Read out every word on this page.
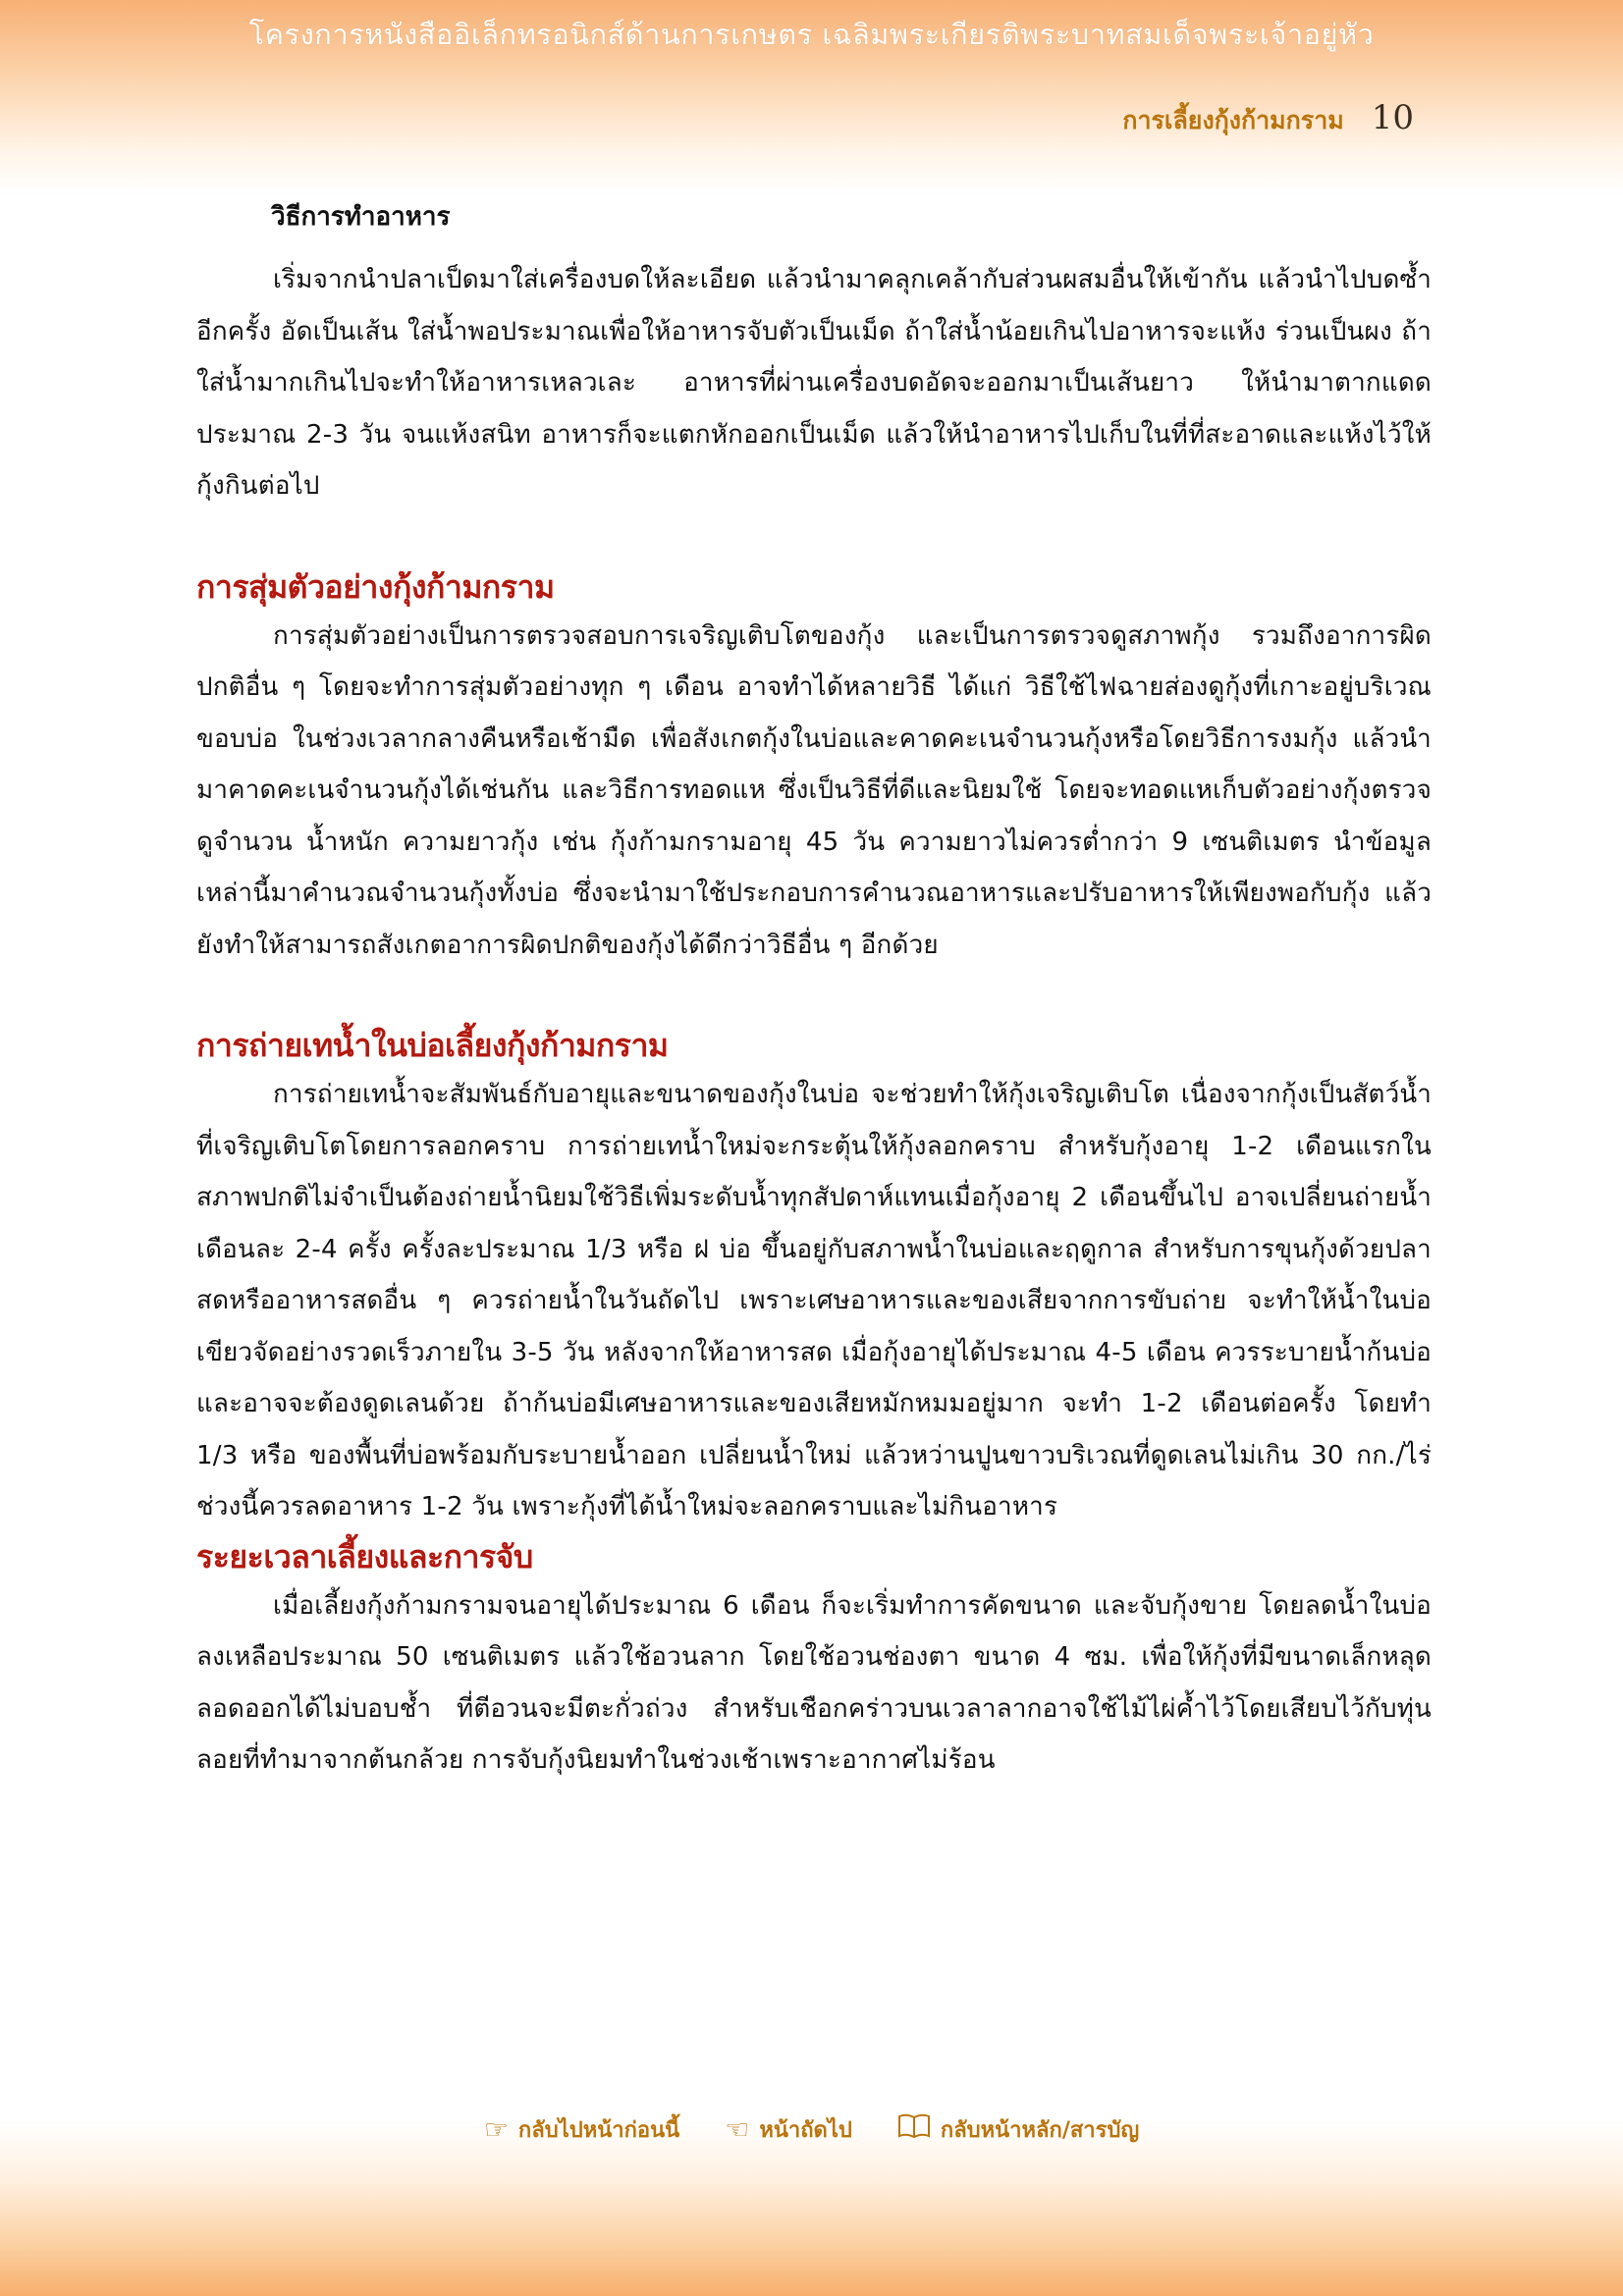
โครงการหนังสืออิเล็กทรอนิกส์ด้านการเกษตร เฉลิมพระเกียรติพระบาทสมเด็จพระเจ้าอยู่หัว
การเลี้ยงกุ้งก้ามกราม 10
วิธีการทำอาหาร

เริ่มจากนำปลาเป็ดมาใส่เครื่องบดให้ละเอียด แล้วนำมาคลุกเคล้ากับส่วนผสมอื่นให้เข้ากัน แล้วนำไปบดซ้ำอีกครั้ง อัดเป็นเส้น ใส่น้ำพอประมาณเพื่อให้อาหารจับตัวเป็นเม็ด ถ้าใส่น้ำน้อยเกินไปอาหารจะแห้ง ร่วนเป็นผง ถ้าใส่น้ำมากเกินไปจะทำให้อาหารเหลวเละ อาหารที่ผ่านเครื่องบดอัดจะออกมาเป็นเส้นยาว ให้นำมาตากแดด ประมาณ 2-3 วัน จนแห้งสนิท อาหารก็จะแตกหักออกเป็นเม็ด แล้วให้นำอาหารไปเก็บในที่ที่สะอาดและแห้งไว้ให้กุ้งกินต่อไป

การสุ่มตัวอย่างกุ้งก้ามกราม

การสุ่มตัวอย่างเป็นการตรวจสอบการเจริญเติบโตของกุ้ง และเป็นการตรวจดูสภาพกุ้ง รวมถึงอาการผิดปกติอื่น ๆ โดยจะทำการสุ่มตัวอย่างทุก ๆ เดือน อาจทำได้หลายวิธี ได้แก่ วิธีใช้ไฟฉายส่องดูกุ้งที่เกาะอยู่บริเวณขอบบ่อ ในช่วงเวลากลางคืนหรือเช้ามืด เพื่อสังเกตกุ้งในบ่อและคาดคะเนจำนวนกุ้งหรือโดยวิธีการงมกุ้ง แล้วนำมาคาดคะเนจำนวนกุ้งได้เช่นกัน และวิธีการทอดแห ซึ่งเป็นวิธีที่ดีและนิยมใช้ โดยจะทอดแหเก็บตัวอย่างกุ้งตรวจดูจำนวน น้ำหนัก ความยาวกุ้ง เช่น กุ้งก้ามกรามอายุ 45 วัน ความยาวไม่ควรต่ำกว่า 9 เซนติเมตร นำข้อมูลเหล่านี้มาคำนวณจำนวนกุ้งทั้งบ่อ ซึ่งจะนำมาใช้ประกอบการคำนวณอาหารและปรับอาหารให้เพียงพอกับกุ้ง แล้วยังทำให้สามารถสังเกตอาการผิดปกติของกุ้งได้ดีกว่าวิธีอื่น ๆ อีกด้วย

การถ่ายเทน้ำในบ่อเลี้ยงกุ้งก้ามกราม

การถ่ายเทน้ำจะสัมพันธ์กับอายุและขนาดของกุ้งในบ่อ จะช่วยทำให้กุ้งเจริญเติบโต เนื่องจากกุ้งเป็นสัตว์น้ำที่เจริญเติบโตโดยการลอกคราบ การถ่ายเทน้ำใหม่จะกระตุ้นให้กุ้งลอกคราบ สำหรับกุ้งอายุ 1-2 เดือนแรกในสภาพปกติไม่จำเป็นต้องถ่ายน้ำนิยมใช้วิธีเพิ่มระดับน้ำทุกสัปดาห์แทนเมื่อกุ้งอายุ 2 เดือนขึ้นไป อาจเปลี่ยนถ่ายน้ำเดือนละ 2-4 ครั้ง ครั้งละประมาณ 1/3 หรือ ฝ บ่อ ขึ้นอยู่กับสภาพน้ำในบ่อและฤดูกาล สำหรับการขุนกุ้งด้วยปลาสดหรืออาหารสดอื่น ๆ ควรถ่ายน้ำในวันถัดไป เพราะเศษอาหารและของเสียจากการขับถ่าย จะทำให้น้ำในบ่อเขียวจัดอย่างรวดเร็วภายใน 3-5 วัน หลังจากให้อาหารสด เมื่อกุ้งอายุได้ประมาณ 4-5 เดือน ควรระบายน้ำก้นบ่อและอาจจะต้องดูดเลนด้วย ถ้าก้นบ่อมีเศษอาหารและของเสียหมักหมมอยู่มาก จะทำ 1-2 เดือนต่อครั้ง โดยทำ 1/3 หรือ ของพื้นที่บ่อพร้อมกับระบายน้ำออก เปลี่ยนน้ำใหม่ แล้วหว่านปูนขาวบริเวณที่ดูดเลนไม่เกิน 30 กก./ไร่ ช่วงนี้ควรลดอาหาร 1-2 วัน เพราะกุ้งที่ได้น้ำใหม่จะลอกคราบและไม่กินอาหาร

ระยะเวลาเลี้ยงและการจับ

เมื่อเลี้ยงกุ้งก้ามกรามจนอายุได้ประมาณ 6 เดือน ก็จะเริ่มทำการคัดขนาด และจับกุ้งขาย โดยลดน้ำในบ่อลงเหลือประมาณ 50 เซนติเมตร แล้วใช้อวนลาก โดยใช้อวนช่องตา ขนาด 4 ซม. เพื่อให้กุ้งที่มีขนาดเล็กหลุดลอดออกได้ไม่บอบช้ำ ที่ตีอวนจะมีตะกั่วถ่วง สำหรับเชือกคร่าวบนเวลาลากอาจใช้ไม้ไผ่ค้ำไว้โดยเสียบไว้กับทุ่นลอยที่ทำมาจากต้นกล้วย การจับกุ้งนิยมทำในช่วงเช้าเพราะอากาศไม่ร้อน

☞ กลับไปหน้าก่อนนี้ ☜ หน้าถัดไป	กลับหน้าหลัก/สารบัญ
